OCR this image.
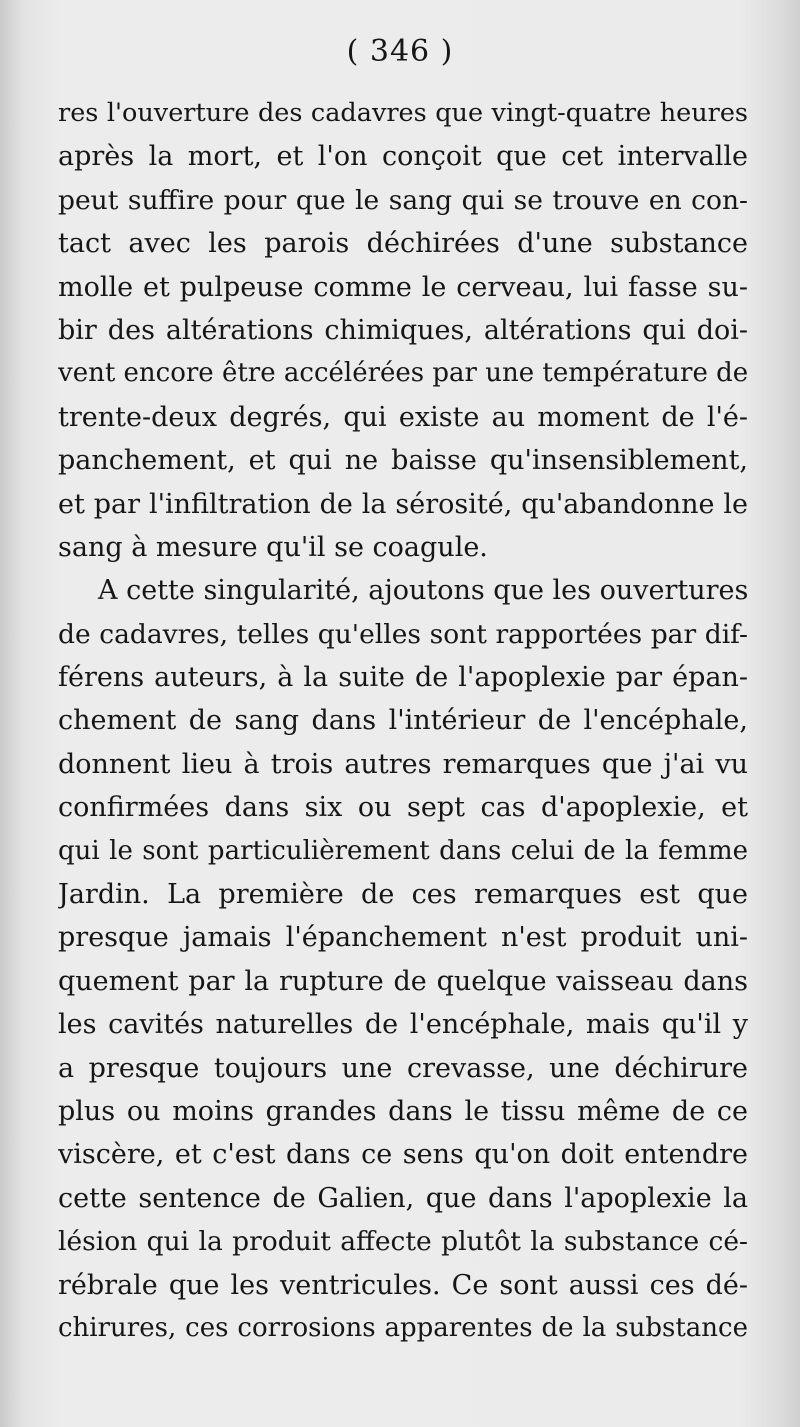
( 346 )
res l'ouverture des cadavres que vingt-quatre heures
après la mort, et l'on conçoit que cet intervalle
peut suffire pour que le sang qui se trouve en con-
tact avec les parois déchirées d'une substance
molle et pulpeuse comme le cerveau, lui fasse su-
bir des altérations chimiques, altérations qui doi-
vent encore être accélérées par une température de
trente-deux degrés, qui existe au moment de l'é-
panchement, et qui ne baisse qu'insensiblement,
et par l'infiltration de la sérosité, qu'abandonne le
sang à mesure qu'il se coagule.
A cette singularité, ajoutons que les ouvertures
de cadavres, telles qu'elles sont rapportées par dif-
férens auteurs, à la suite de l'apoplexie par épan-
chement de sang dans l'intérieur de l'encéphale,
donnent lieu à trois autres remarques que j'ai vu
confirmées dans six ou sept cas d'apoplexie, et
qui le sont particulièrement dans celui de la femme
Jardin. La première de ces remarques est que
presque jamais l'épanchement n'est produit uni-
quement par la rupture de quelque vaisseau dans
les cavités naturelles de l'encéphale, mais qu'il y
a presque toujours une crevasse, une déchirure
plus ou moins grandes dans le tissu même de ce
viscère, et c'est dans ce sens qu'on doit entendre
cette sentence de Galien, que dans l'apoplexie la
lésion qui la produit affecte plutôt la substance cé-
rébrale que les ventricules. Ce sont aussi ces dé-
chirures, ces corrosions apparentes de la substance
